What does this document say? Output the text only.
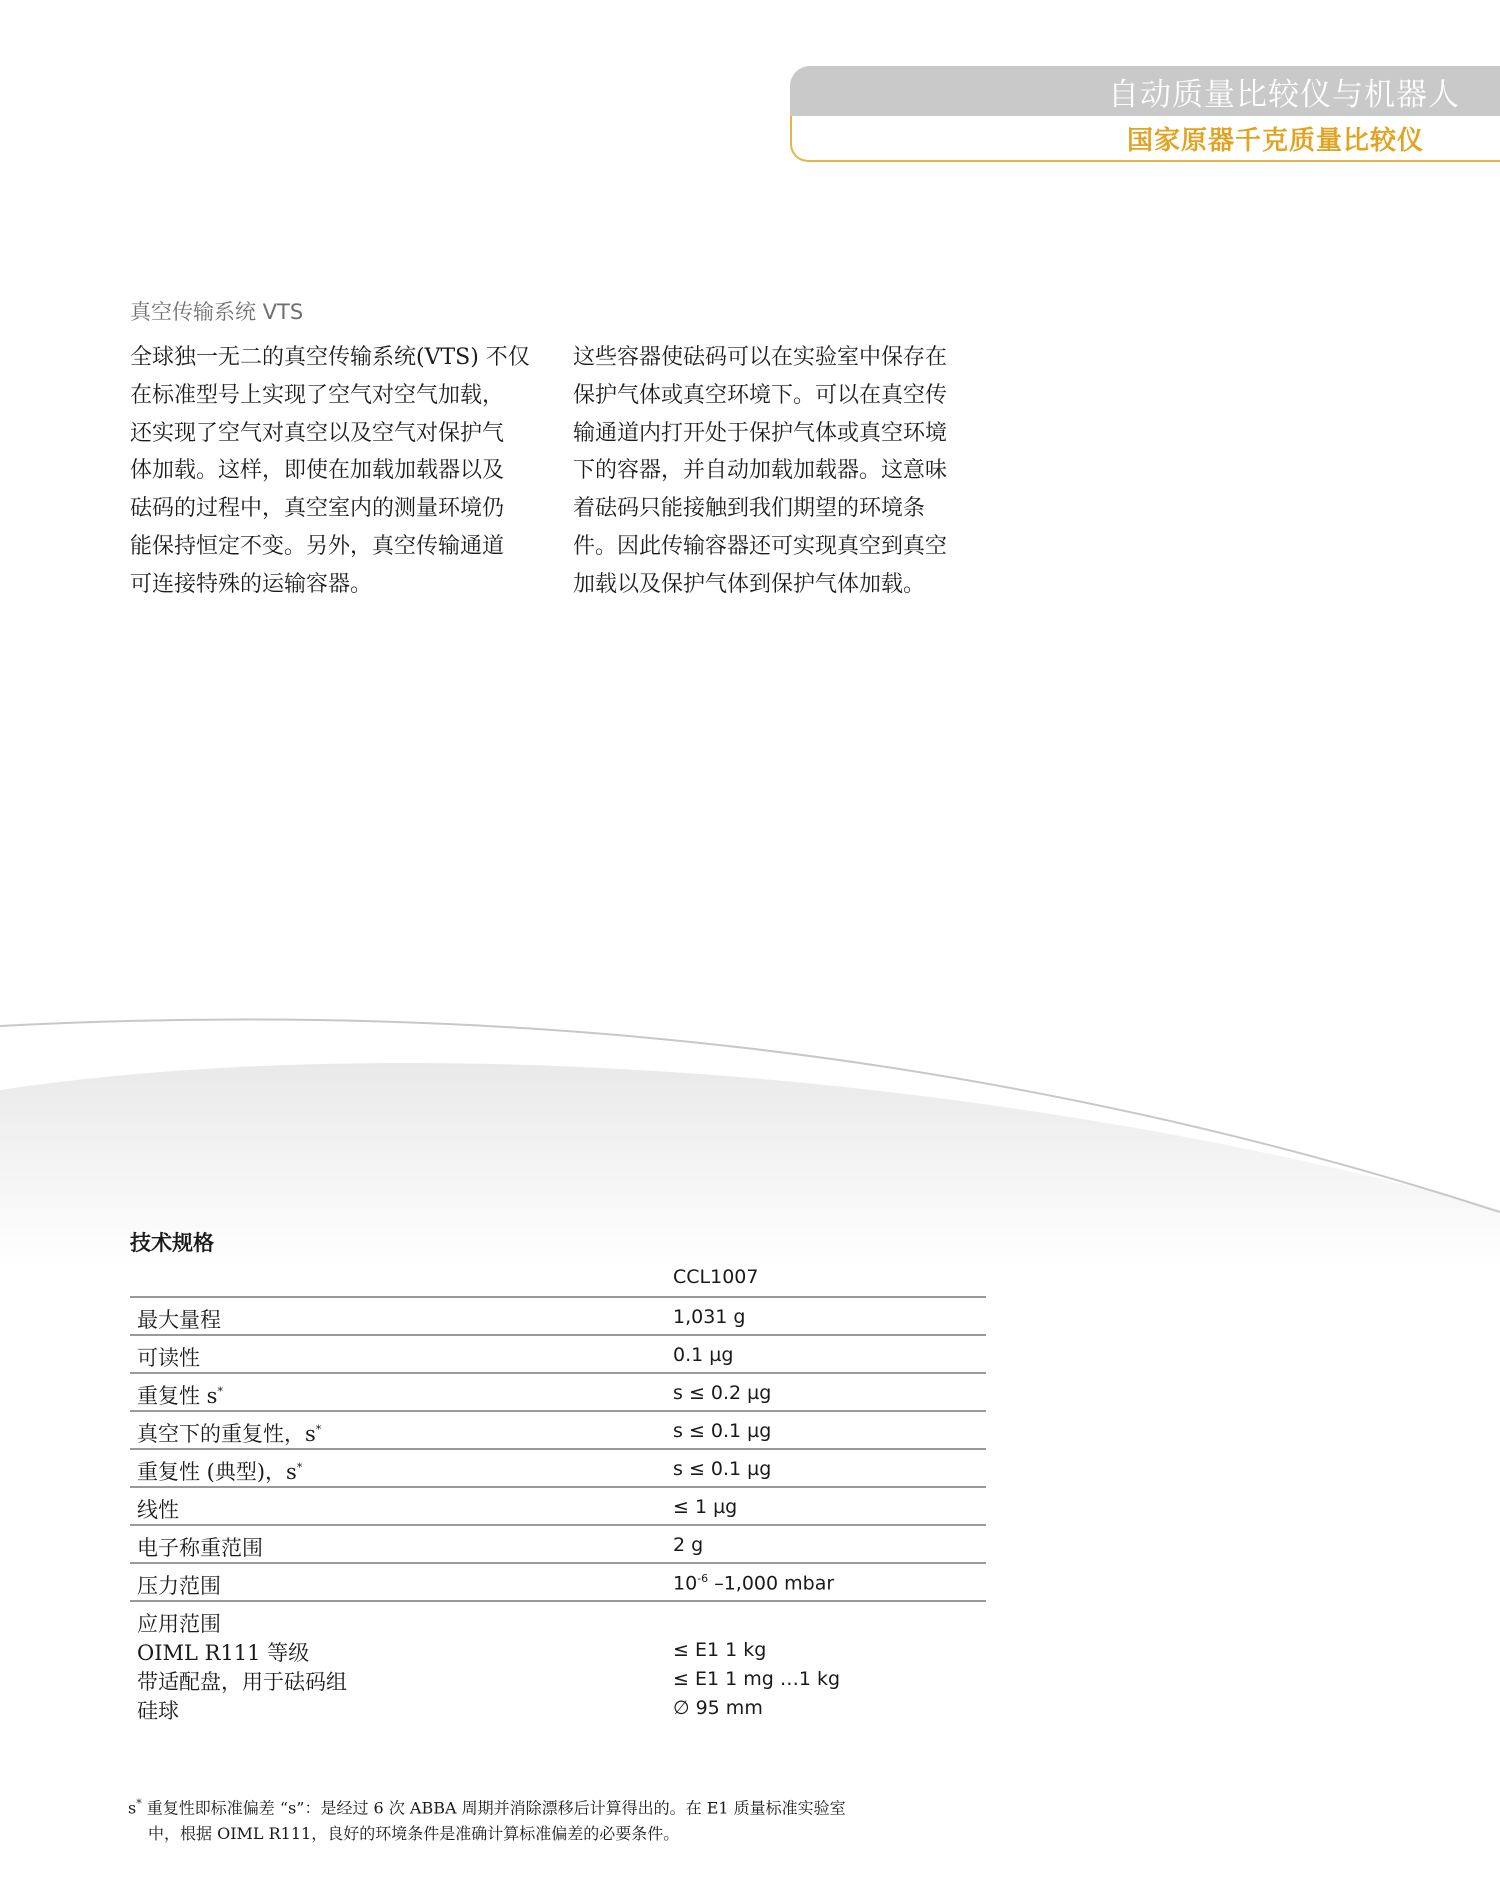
自动质量比较仪与机器人
国家原器千克质量比较仪
真空传输系统 VTS
全球独一无二的真空传输系统(VTS) 不仅
在标准型号上实现了空气对空气加载，
还实现了空气对真空以及空气对保护气
体加载。这样，即使在加载加载器以及
砝码的过程中，真空室内的测量环境仍
能保持恒定不变。另外，真空传输通道
可连接特殊的运输容器。
这些容器使砝码可以在实验室中保存在
保护气体或真空环境下。可以在真空传
输通道内打开处于保护气体或真空环境
下的容器，并自动加载加载器。这意味
着砝码只能接触到我们期望的环境条
件。因此传输容器还可实现真空到真空
加载以及保护气体到保护气体加载。
技术规格
CCL1007
最大量程	1,031 g
可读性	0.1 µg
重复性 s*	s ≤ 0.2 µg
真空下的重复性，s*	s ≤ 0.1 µg
重复性 (典型)，s*	s ≤ 0.1 µg
线性	≤ 1 µg
电子称重范围	2 g
压力范围	$10^{-6}$ –1,000 mbar
应用范围
OIML R111 等级	≤ E1 1 kg
带适配盘，用于砝码组	≤ E1 1 mg …1 kg
硅球	∅ 95 mm
s* 重复性即标准偏差 “s”：是经过 6 次 ABBA 周期并消除漂移后计算得出的。在 E1 质量标准实验室
中，根据 OIML R111，良好的环境条件是准确计算标准偏差的必要条件。
